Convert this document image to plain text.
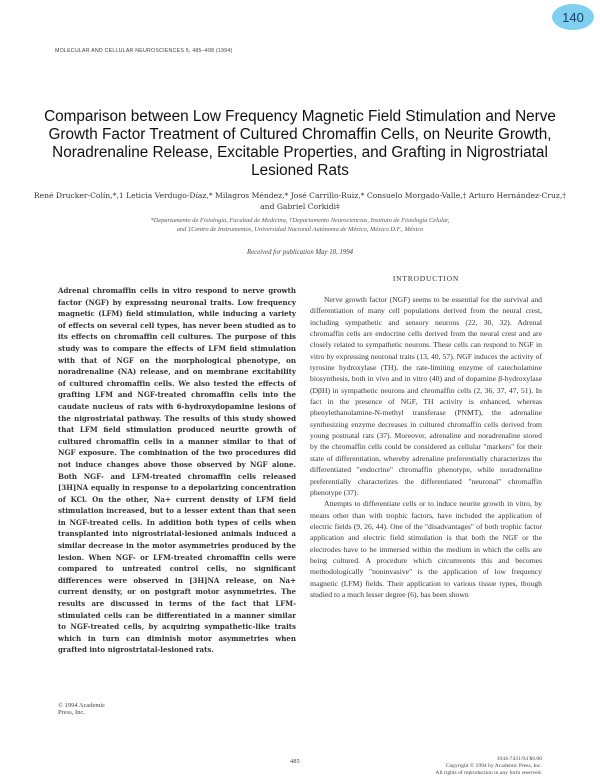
140
MOLECULAR AND CELLULAR NEUROSCIENCES 5, 485–498 (1994)
Comparison between Low Frequency Magnetic Field Stimulation and Nerve Growth Factor Treatment of Cultured Chromaffin Cells, on Neurite Growth, Noradrenaline Release, Excitable Properties, and Grafting in Nigrostriatal Lesioned Rats
René Drucker-Colín,*,1 Leticia Verdugo-Díaz,* Milagros Méndez,* José Carrillo-Ruiz,* Consuelo Morgado-Valle,† Arturo Hernández-Cruz,† and Gabriel Corkidi‡
*Departamento de Fisiología, Facultad de Medicina, †Departamento Neurociencias, Instituto de Fisiología Celular,
and ‡Centro de Instrumentos, Universidad Nacional Autónoma de México, México D.F., México
Received for publication May 18, 1994

Adrenal chromaffin cells in vitro respond to nerve growth factor (NGF) by expressing neuronal traits. Low frequency magnetic (LFM) field stimulation, while inducing a variety of effects on several cell types, has never been studied as to its effects on chromaffin cell cultures. The purpose of this study was to compare the effects of LFM field stimulation with that of NGF on the morphological phenotype, on noradrenaline (NA) release, and on membrane excitability of cultured chromaffin cells. We also tested the effects of grafting LFM and NGF-treated chromaffin cells into the caudate nucleus of rats with 6-hydroxydopamine lesions of the nigrostriatal pathway. The results of this study showed that LFM field stimulation produced neurite growth of cultured chromaffin cells in a manner similar to that of NGF exposure. The combination of the two procedures did not induce changes above those observed by NGF alone. Both NGF- and LFM-treated chromaffin cells released [3H]NA equally in response to a depolarizing concentration of KCl. On the other, Na+ current density of LFM field stimulation increased, but to a lesser extent than that seen in NGF-treated cells. In addition both types of cells when transplanted into nigrostriatal-lesioned animals induced a similar decrease in the motor asymmetries produced by the lesion. When NGF- or LFM-treated chromaffin cells were compared to untreated control cells, no significant differences were observed in [3H]NA release, on Na+ current density, or on postgraft motor asymmetries. The results are discussed in terms of the fact that LFM-stimulated cells can be differentiated in a manner similar to NGF-treated cells, by acquiring sympathetic-like traits which in turn can diminish motor asymmetries when grafted into nigrostriatal-lesioned rats.

© 1994 Academic Press, Inc.
INTRODUCTION

Nerve growth factor (NGF) seems to be essential for the survival and differentiation of many cell populations derived from the neural crest, including sympathetic and sensory neurons (22, 30, 32). Adrenal chromaffin cells are endocrine cells derived from the neural crest and are closely related to sympathetic neurons. These cells can respond to NGF in vitro by expressing neuronal traits (13, 40, 57). NGF induces the activity of tyrosine hydroxylase (TH), the rate-limiting enzyme of catecholamine biosynthesis, both in vivo and in vitro (40) and of dopamine β-hydroxylase (DβH) in sympathetic neurons and chromaffin cells (2, 36, 37, 47, 51). In fact in the presence of NGF, TH activity is enhanced, whereas phenylethanolamine-N-methyl transferase (PNMT), the adrenaline synthesizing enzyme decreases in cultured chromaffin cells derived from young postnatal rats (37). Moreover, adrenaline and noradrenaline stored by the chromaffin cells could be considered as cellular "markers" for their state of differentiation, whereby adrenaline preferentially characterizes the differentiated "endocrine" chromaffin phenotype, while noradrenaline preferentially characterizes the differentiated "neuronal" chromaffin phenotype (37).

Attempts to differentiate cells or to induce neurite growth in vitro, by means other than with trophic factors, have included the application of electric fields (9, 26, 44). One of the "disadvantages" of both trophic factor application and electric field stimulation is that both the NGF or the electrodes have to be immersed within the medium in which the cells are being cultured. A procedure which circumvents this and becomes methodologically "noninvasive" is the application of low frequency magnetic (LFM) fields. Their application to various tissue types, though studied to a much lesser degree (6), has been shown

485	1044-7431/94 $6.00
Copyright © 1994 by Academic Press, Inc.
All rights of reproduction in any form reserved.
